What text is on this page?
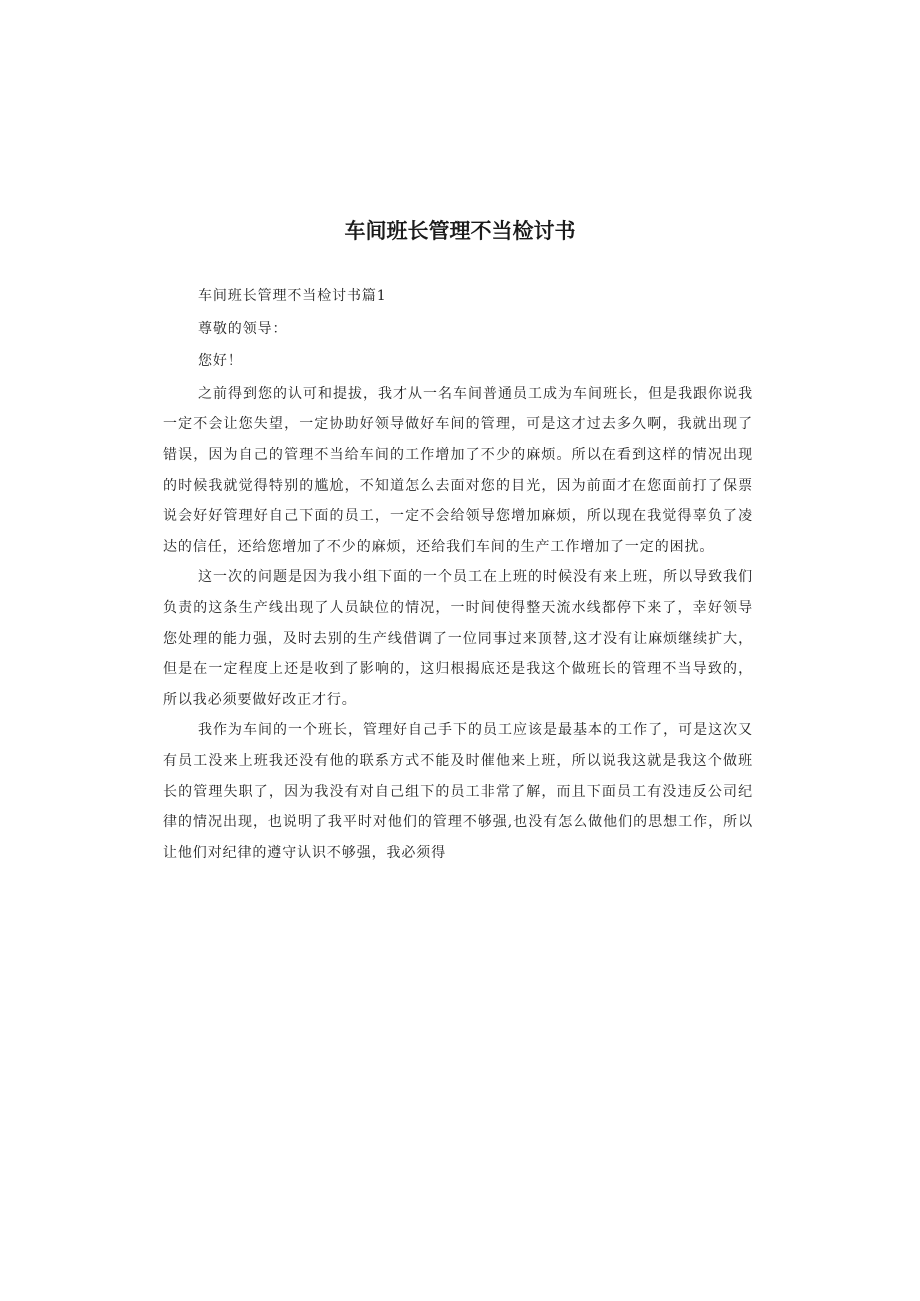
车间班长管理不当检讨书

车间班长管理不当检讨书篇1

尊敬的领导：

您好！

之前得到您的认可和提拔，我才从一名车间普通员工成为车间班长，但是我跟你说我一定不会让您失望，一定协助好领导做好车间的管理，可是这才过去多久啊，我就出现了错误，因为自己的管理不当给车间的工作增加了不少的麻烦。所以在看到这样的情况出现的时候我就觉得特别的尴尬，不知道怎么去面对您的目光，因为前面才在您面前打了保票说会好好管理好自己下面的员工，一定不会给领导您增加麻烦，所以现在我觉得辜负了凌达的信任，还给您增加了不少的麻烦，还给我们车间的生产工作增加了一定的困扰。

这一次的问题是因为我小组下面的一个员工在上班的时候没有来上班，所以导致我们负责的这条生产线出现了人员缺位的情况，一时间使得整天流水线都停下来了，幸好领导您处理的能力强，及时去别的生产线借调了一位同事过来顶替,这才没有让麻烦继续扩大，但是在一定程度上还是收到了影响的，这归根揭底还是我这个做班长的管理不当导致的，所以我必须要做好改正才行。

我作为车间的一个班长，管理好自己手下的员工应该是最基本的工作了，可是这次又有员工没来上班我还没有他的联系方式不能及时催他来上班，所以说我这就是我这个做班长的管理失职了，因为我没有对自己组下的员工非常了解，而且下面员工有没违反公司纪律的情况出现，也说明了我平时对他们的管理不够强,也没有怎么做他们的思想工作，所以让他们对纪律的遵守认识不够强，我必须得
